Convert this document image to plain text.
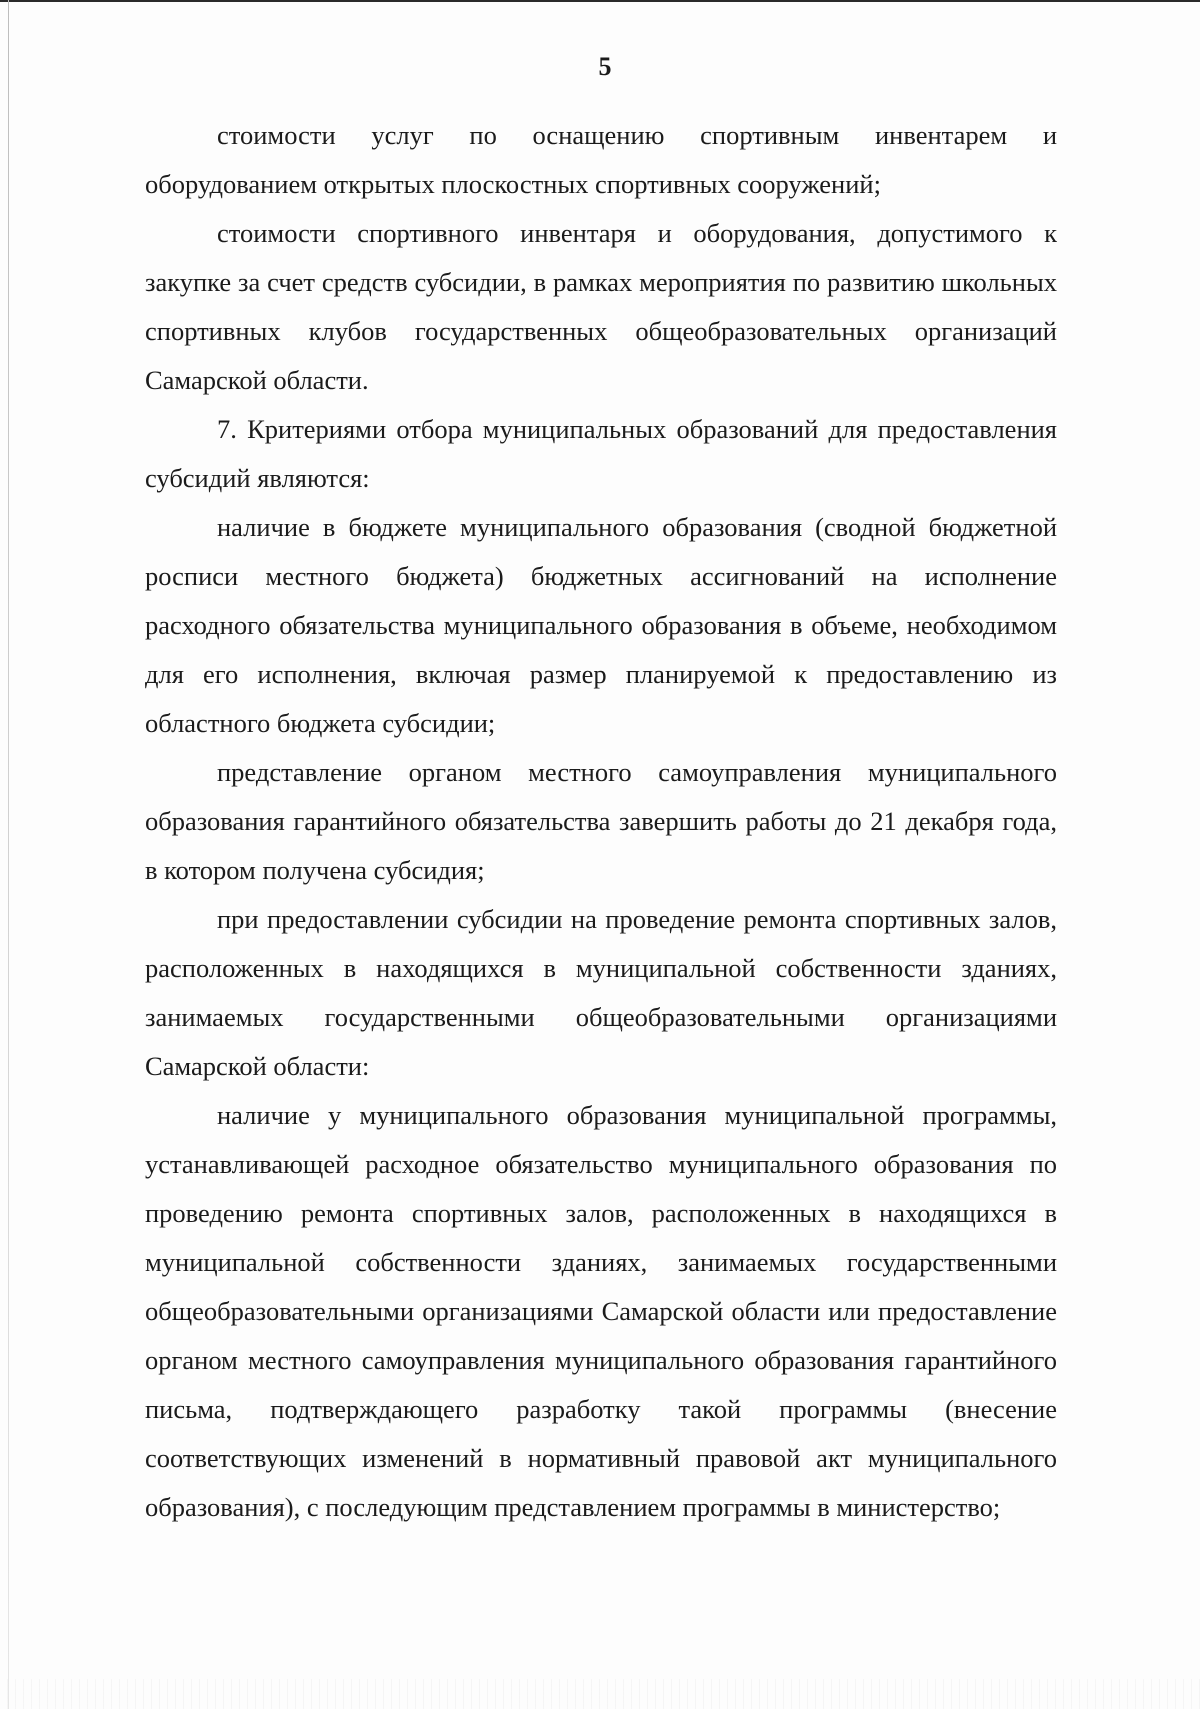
5

стоимости услуг по оснащению спортивным инвентарем и оборудованием открытых плоскостных спортивных сооружений;

стоимости спортивного инвентаря и оборудования, допустимого к закупке за счет средств субсидии, в рамках мероприятия по развитию школьных спортивных клубов государственных общеобразовательных организаций Самарской области.

7. Критериями отбора муниципальных образований для предоставления субсидий являются:

наличие в бюджете муниципального образования (сводной бюджетной росписи местного бюджета) бюджетных ассигнований на исполнение расходного обязательства муниципального образования в объеме, необходимом для его исполнения, включая размер планируемой к предоставлению из областного бюджета субсидии;

представление органом местного самоуправления муниципального образования гарантийного обязательства завершить работы до 21 декабря года, в котором получена субсидия;

при предоставлении субсидии на проведение ремонта спортивных залов, расположенных в находящихся в муниципальной собственности зданиях, занимаемых государственными общеобразовательными организациями Самарской области:

наличие у муниципального образования муниципальной программы, устанавливающей расходное обязательство муниципального образования по проведению ремонта спортивных залов, расположенных в находящихся в муниципальной собственности зданиях, занимаемых государственными общеобразовательными организациями Самарской области или предоставление органом местного самоуправления муниципального образования гарантийного письма, подтверждающего разработку такой программы (внесение соответствующих изменений в нормативный правовой акт муниципального образования), с последующим представлением программы в министерство;
